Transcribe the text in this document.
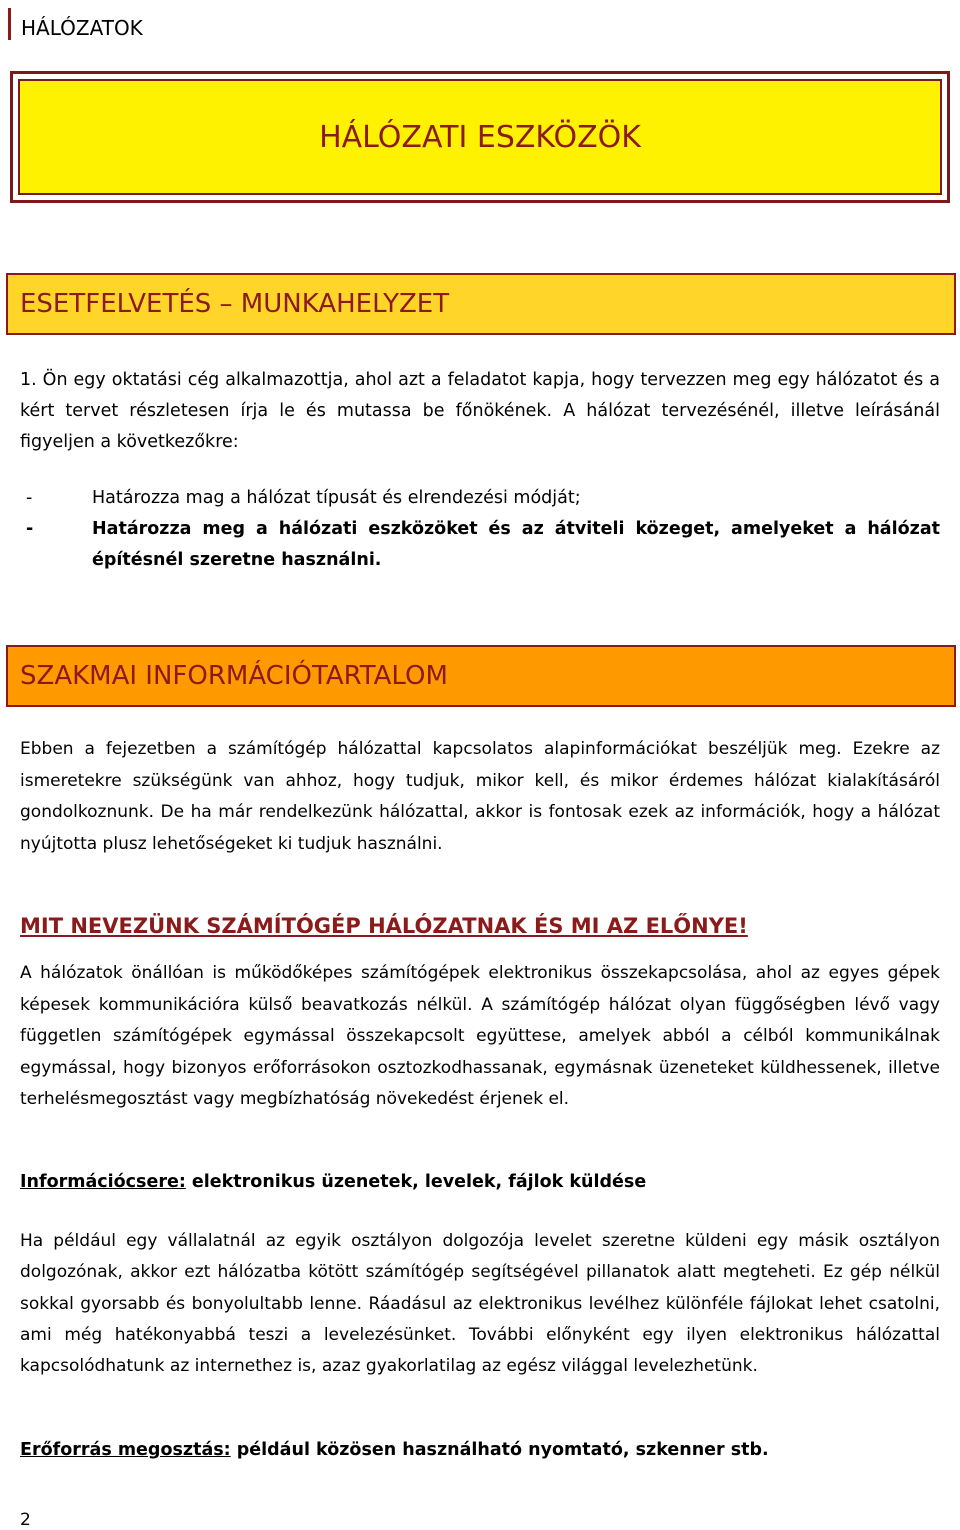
HÁLÓZATOK
HÁLÓZATI ESZKÖZÖK
ESETFELVETÉS – MUNKAHELYZET

1. Ön egy oktatási cég alkalmazottja, ahol azt a feladatot kapja, hogy tervezzen meg egy hálózatot és a kért tervet részletesen írja le és mutassa be főnökének. A hálózat tervezésénél, illetve leírásánál figyeljen a következőkre:

-	Határozza mag a hálózat típusát és elrendezési módját;
-	Határozza meg a hálózati eszközöket és az átviteli közeget, amelyeket a hálózat építésnél szeretne használni.
SZAKMAI INFORMÁCIÓTARTALOM

Ebben a fejezetben a számítógép hálózattal kapcsolatos alapinformációkat beszéljük meg. Ezekre az ismeretekre szükségünk van ahhoz, hogy tudjuk, mikor kell, és mikor érdemes hálózat kialakításáról gondolkoznunk. De ha már rendelkezünk hálózattal, akkor is fontosak ezek az információk, hogy a hálózat nyújtotta plusz lehetőségeket ki tudjuk használni.

MIT NEVEZÜNK SZÁMÍTÓGÉP HÁLÓZATNAK ÉS MI AZ ELŐNYE!

A hálózatok önállóan is működőképes számítógépek elektronikus összekapcsolása, ahol az egyes gépek képesek kommunikációra külső beavatkozás nélkül. A számítógép hálózat olyan függőségben lévő vagy független számítógépek egymással összekapcsolt együttese, amelyek abból a célból kommunikálnak egymással, hogy bizonyos erőforrásokon osztozkodhassanak, egymásnak üzeneteket küldhessenek, illetve terhelésmegosztást vagy megbízhatóság növekedést érjenek el.

Információcsere: elektronikus üzenetek, levelek, fájlok küldése

Ha például egy vállalatnál az egyik osztályon dolgozója levelet szeretne küldeni egy másik osztályon dolgozónak, akkor ezt hálózatba kötött számítógép segítségével pillanatok alatt megteheti. Ez gép nélkül sokkal gyorsabb és bonyolultabb lenne. Ráadásul az elektronikus levélhez különféle fájlokat lehet csatolni, ami még hatékonyabbá teszi a levelezésünket. További előnyként egy ilyen elektronikus hálózattal kapcsolódhatunk az internethez is, azaz gyakorlatilag az egész világgal levelezhetünk.

Erőforrás megosztás: például közösen használható nyomtató, szkenner stb.
2
